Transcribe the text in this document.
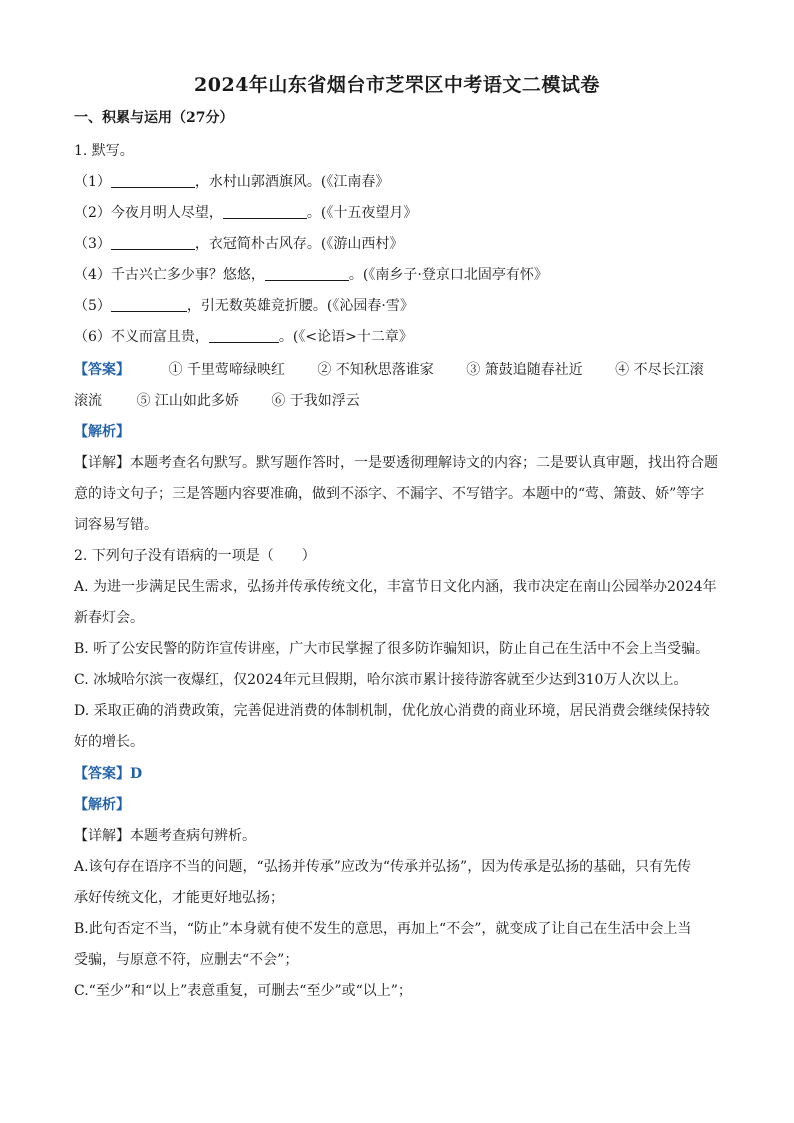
2024年山东省烟台市芝罘区中考语文二模试卷
一、积累与运用（27分）
1. 默写。
（1）	，水村山郭酒旗风。(《江南春》
（2）今夜月明人尽望，	。(《十五夜望月》
（3）	，衣冠简朴古风存。(《游山西村》
（4）千古兴亡多少事？悠悠，	。(《南乡子·登京口北固亭有怀》
（5）	，引无数英雄竞折腰。(《沁园春·雪》
（6）不义而富且贵，	。(《<论语>十二章》
【答案】	① 千里莺啼绿映红 ② 不知秋思落谁家 ③ 箫鼓追随春社近 ④ 不尽长江滚
滚流 ⑤ 江山如此多娇 ⑥ 于我如浮云
【解析】
【详解】本题考查名句默写。默写题作答时，一是要透彻理解诗文的内容；二是要认真审题，找出符合题
意的诗文句子；三是答题内容要准确，做到不添字、不漏字、不写错字。本题中的“莺、箫鼓、娇”等字
词容易写错。
2. 下列句子没有语病的一项是（　　）
A. 为进一步满足民生需求，弘扬并传承传统文化，丰富节日文化内涵，我市决定在南山公园举办2024年
新春灯会。
B. 听了公安民警的防诈宣传讲座，广大市民掌握了很多防诈骗知识，防止自己在生活中不会上当受骗。
C. 冰城哈尔滨一夜爆红，仅2024年元旦假期，哈尔滨市累计接待游客就至少达到310万人次以上。
D. 采取正确的消费政策，完善促进消费的体制机制，优化放心消费的商业环境，居民消费会继续保持较
好的增长。
【答案】D
【解析】
【详解】本题考查病句辨析。
A.该句存在语序不当的问题，“弘扬并传承”应改为“传承并弘扬”，因为传承是弘扬的基础，只有先传
承好传统文化，才能更好地弘扬；
B.此句否定不当，“防止”本身就有使不发生的意思，再加上“不会”，就变成了让自己在生活中会上当
受骗，与原意不符，应删去“不会”；
C.“至少”和“以上”表意重复，可删去“至少”或“以上”；
